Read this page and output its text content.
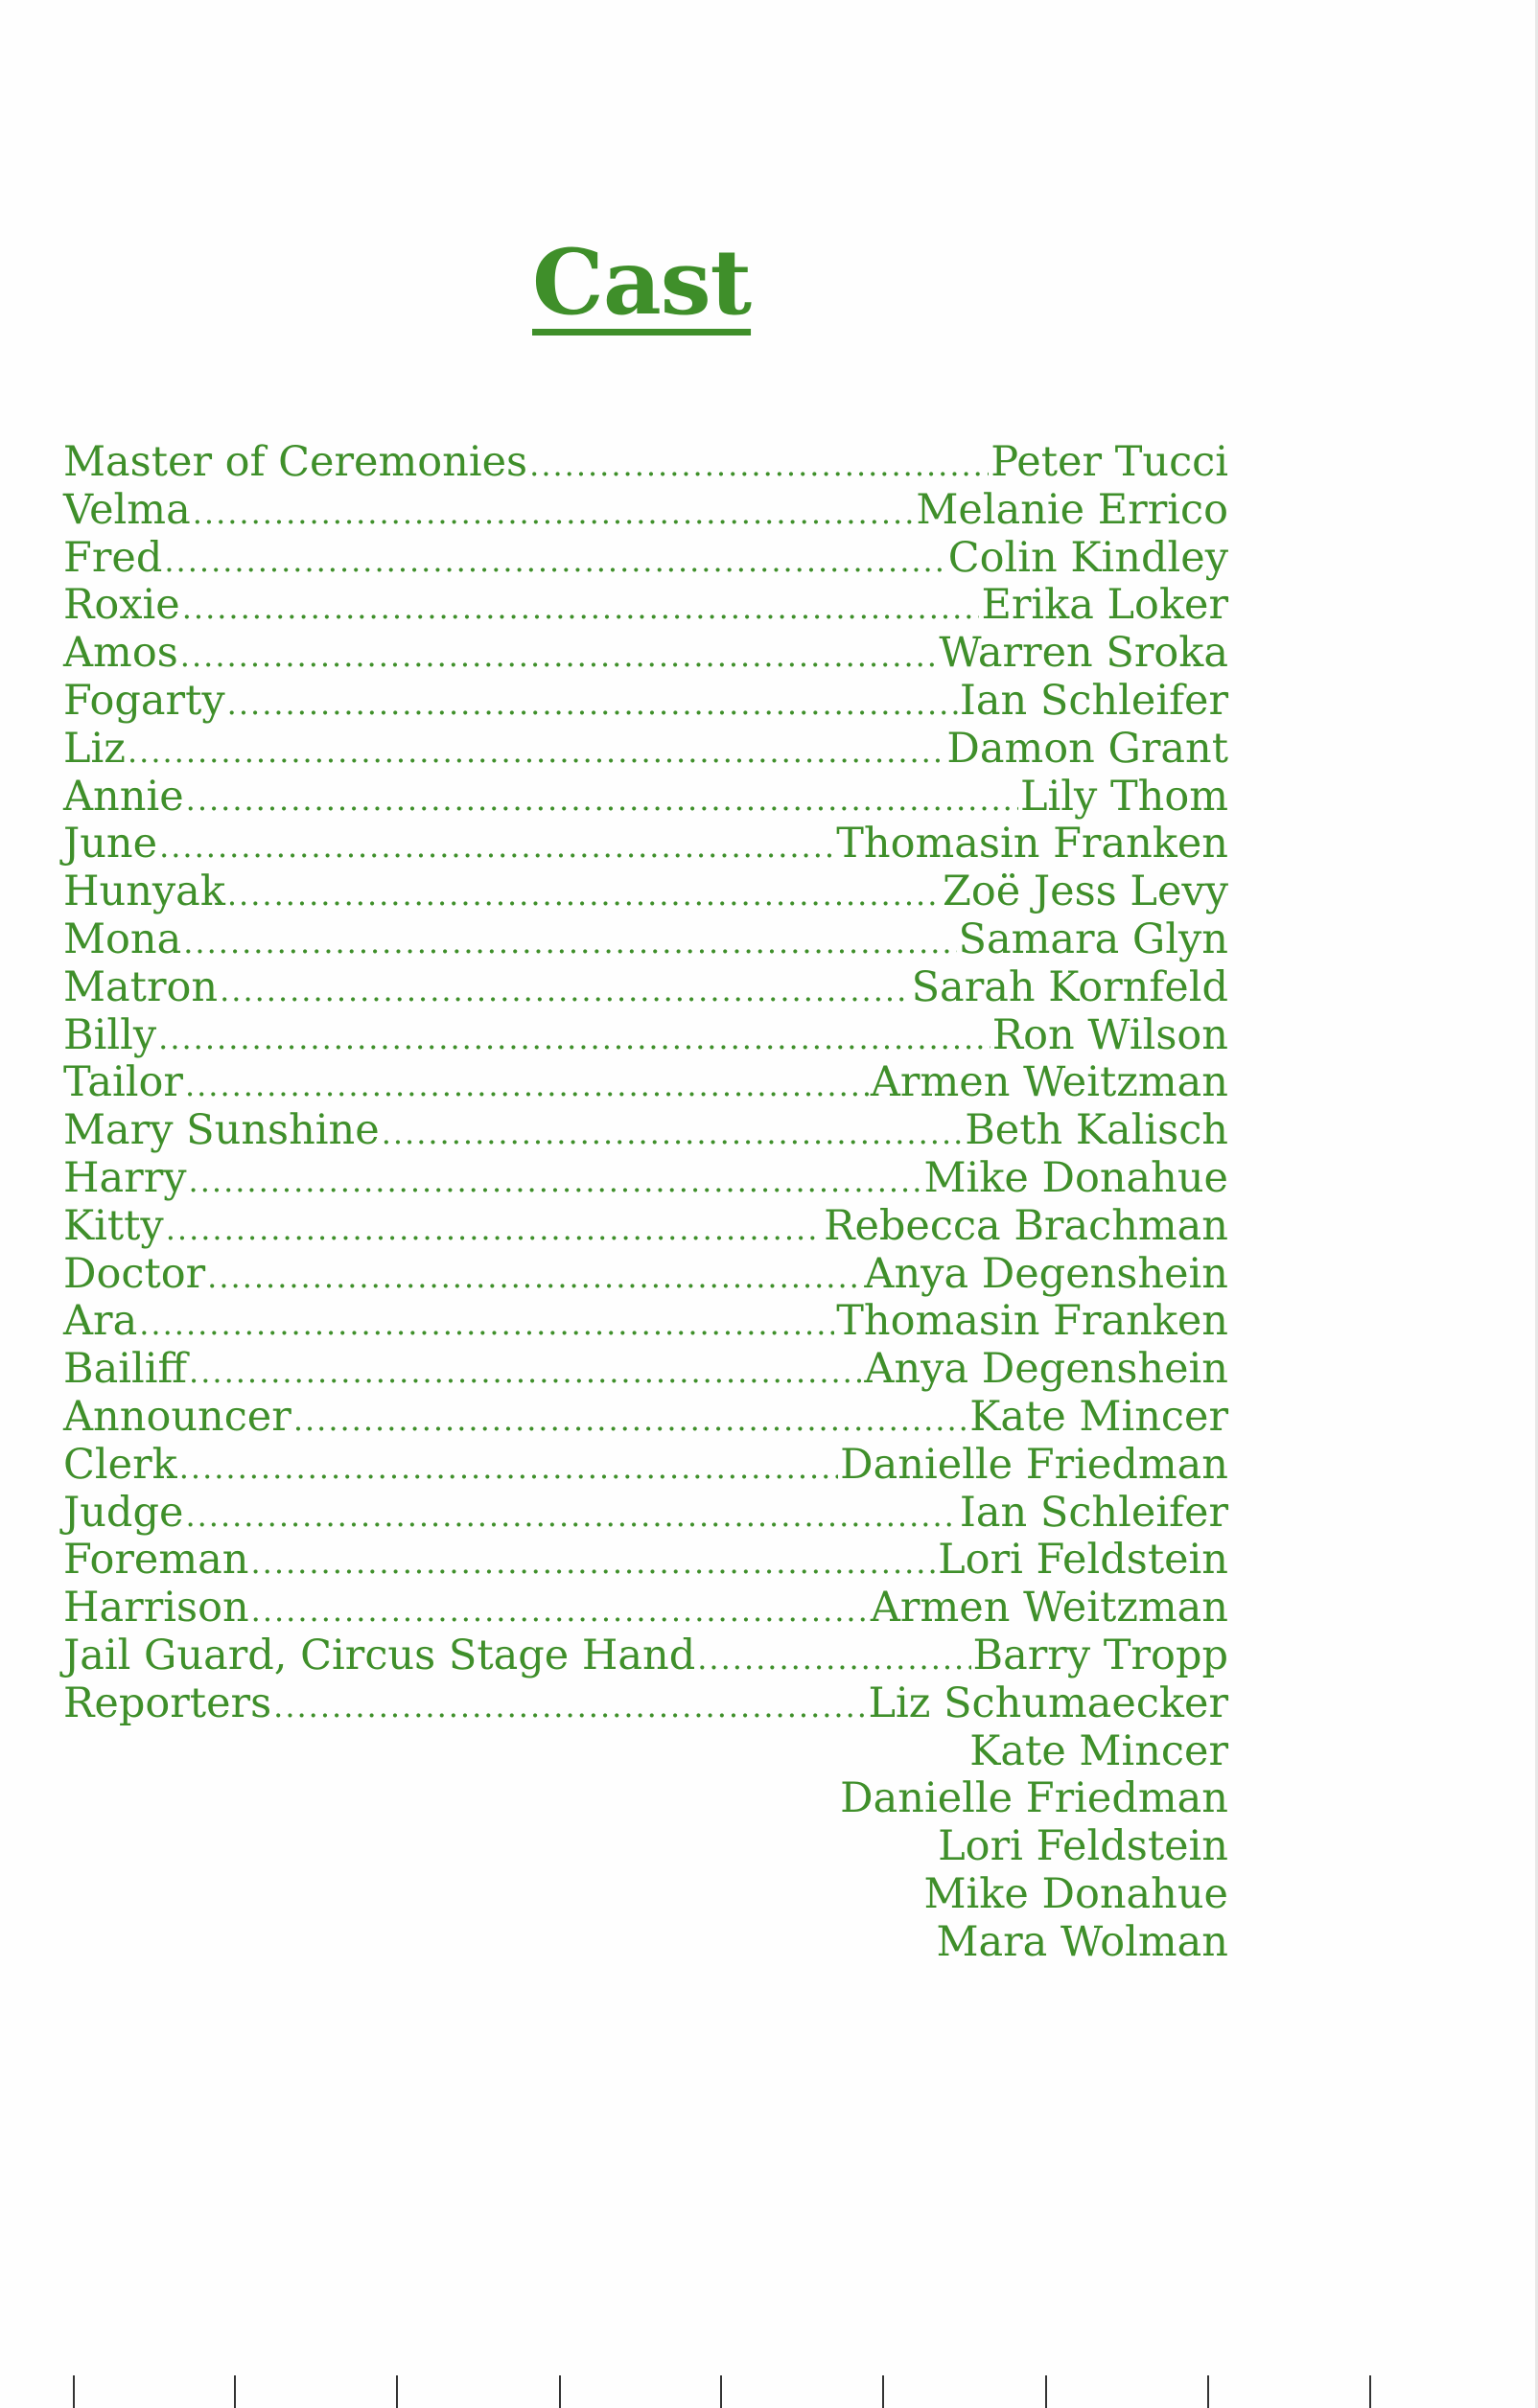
Cast
Master of Ceremonies .....	Peter Tucci
Velma .....	Melanie Errico
Fred .....	Colin Kindley
Roxie .....	Erika Loker
Amos .....	Warren Sroka
Fogarty .....	Ian Schleifer
Liz .....	Damon Grant
Annie .....	Lily Thom
June .....	Thomasin Franken
Hunyak .....	Zoë Jess Levy
Mona .....	Samara Glyn
Matron .....	Sarah Kornfeld
Billy .....	Ron Wilson
Tailor .....	Armen Weitzman
Mary Sunshine .....	Beth Kalisch
Harry .....	Mike Donahue
Kitty .....	Rebecca Brachman
Doctor .....	Anya Degenshein
Ara .....	Thomasin Franken
Bailiff .....	Anya Degenshein
Announcer .....	Kate Mincer
Clerk .....	Danielle Friedman
Judge .....	Ian Schleifer
Foreman .....	Lori Feldstein
Harrison .....	Armen Weitzman
Jail Guard, Circus Stage Hand .....	Barry Tropp
Reporters .....	Liz Schumaecker
Kate Mincer
Danielle Friedman
Lori Feldstein
Mike Donahue
Mara Wolman
